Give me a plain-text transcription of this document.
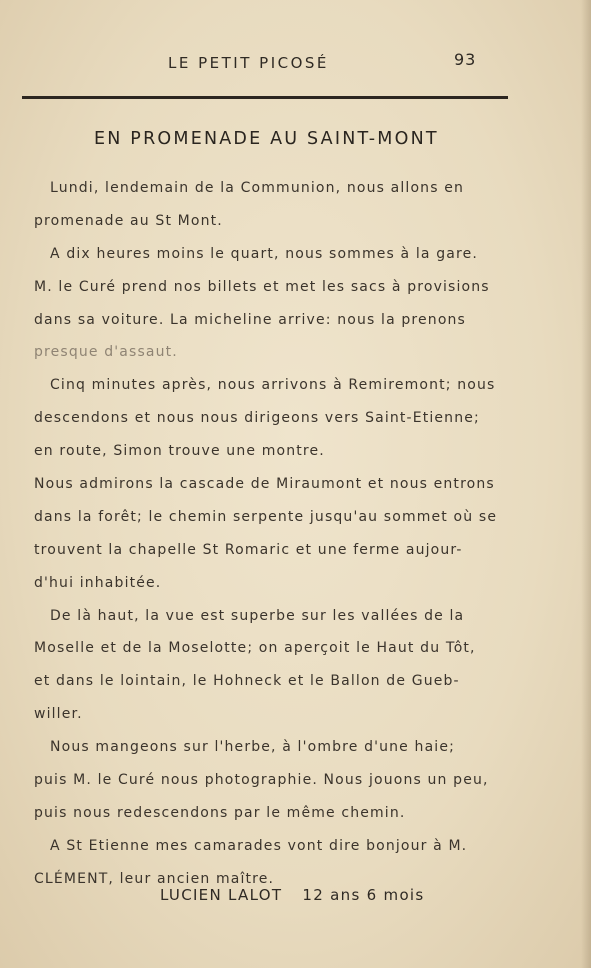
LE PETIT PICOSÉ	93
EN PROMENADE AU SAINT-MONT
Lundi, lendemain de la Communion, nous allons en
promenade au St Mont.
A dix heures moins le quart, nous sommes à la gare.
M. le Curé prend nos billets et met les sacs à provisions
dans sa voiture. La micheline arrive: nous la prenons
presque d'assaut.
Cinq minutes après, nous arrivons à Remiremont; nous
descendons et nous nous dirigeons vers Saint-Etienne;
en route, Simon trouve une montre.
Nous admirons la cascade de Miraumont et nous entrons
dans la forêt; le chemin serpente jusqu'au sommet où se
trouvent la chapelle St Romaric et une ferme aujour-
d'hui inhabitée.
De là haut, la vue est superbe sur les vallées de la
Moselle et de la Moselotte; on aperçoit le Haut du Tôt,
et dans le lointain, le Hohneck et le Ballon de Gueb-
willer.
Nous mangeons sur l'herbe, à l'ombre d'une haie;
puis M. le Curé nous photographie. Nous jouons un peu,
puis nous redescendons par le même chemin.
A St Etienne mes camarades vont dire bonjour à M.
CLÉMENT, leur ancien maître.
LUCIEN LALOT 12 ans 6 mois
